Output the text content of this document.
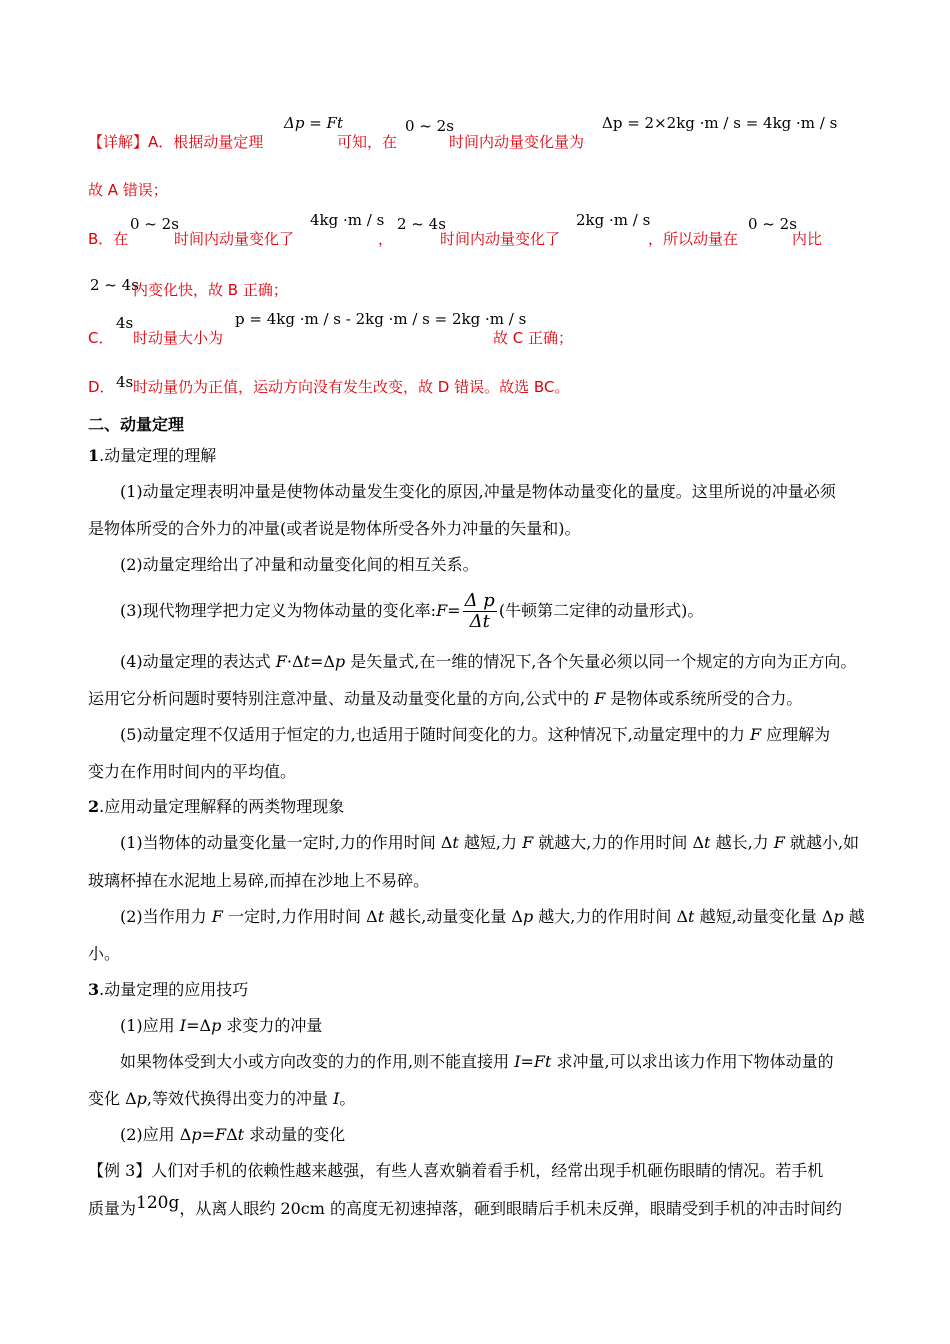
【详解】A．根据动量定理
Δp = Ft
可知，在
0 ~ 2s
时间内动量变化量为
Δp = 2×2kg ·m / s = 4kg ·m / s
故 A 错误；
B．在
0 ~ 2s
时间内动量变化了
4kg ·m / s
，
2 ~ 4s
时间内动量变化了
2kg ·m / s
，所以动量在
0 ~ 2s
内比
2 ~ 4s
内变化快，故 B 正确；
C．
4s
时动量大小为
p = 4kg ·m / s - 2kg ·m / s = 2kg ·m / s
故 C 正确；
D． 4s 时动量仍为正值，运动方向没有发生改变，故 D 错误。故选 BC。
二、动量定理
1.动量定理的理解
(1)动量定理表明冲量是使物体动量发生变化的原因,冲量是物体动量变化的量度。这里所说的冲量必须
是物体所受的合外力的冲量(或者说是物体所受各外力冲量的矢量和)。
(2)动量定理给出了冲量和动量变化间的相互关系。
(3)现代物理学把力定义为物体动量的变化率:F= $\frac{\text{Δ p}}{\Delta t}$ (牛顿第二定律的动量形式)。
(4)动量定理的表达式 F·Δt=Δp 是矢量式,在一维的情况下,各个矢量必须以同一个规定的方向为正方向。
运用它分析问题时要特别注意冲量、动量及动量变化量的方向,公式中的 F 是物体或系统所受的合力。
(5)动量定理不仅适用于恒定的力,也适用于随时间变化的力。这种情况下,动量定理中的力 F 应理解为
变力在作用时间内的平均值。
2.应用动量定理解释的两类物理现象
(1)当物体的动量变化量一定时,力的作用时间 Δt 越短,力 F 就越大,力的作用时间 Δt 越长,力 F 就越小,如
玻璃杯掉在水泥地上易碎,而掉在沙地上不易碎。
(2)当作用力 F 一定时,力作用时间 Δt 越长,动量变化量 Δp 越大,力的作用时间 Δt 越短,动量变化量 Δp 越
小。
3.动量定理的应用技巧
(1)应用 I=Δp 求变力的冲量
如果物体受到大小或方向改变的力的作用,则不能直接用 I=Ft 求冲量,可以求出该力作用下物体动量的
变化 Δp,等效代换得出变力的冲量 I。
(2)应用 Δp=FΔt 求动量的变化
【例 3】人们对手机的依赖性越来越强，有些人喜欢躺着看手机，经常出现手机砸伤眼睛的情况。若手机
质量为120g，从离人眼约 20cm 的高度无初速掉落，砸到眼睛后手机未反弹，眼睛受到手机的冲击时间约
